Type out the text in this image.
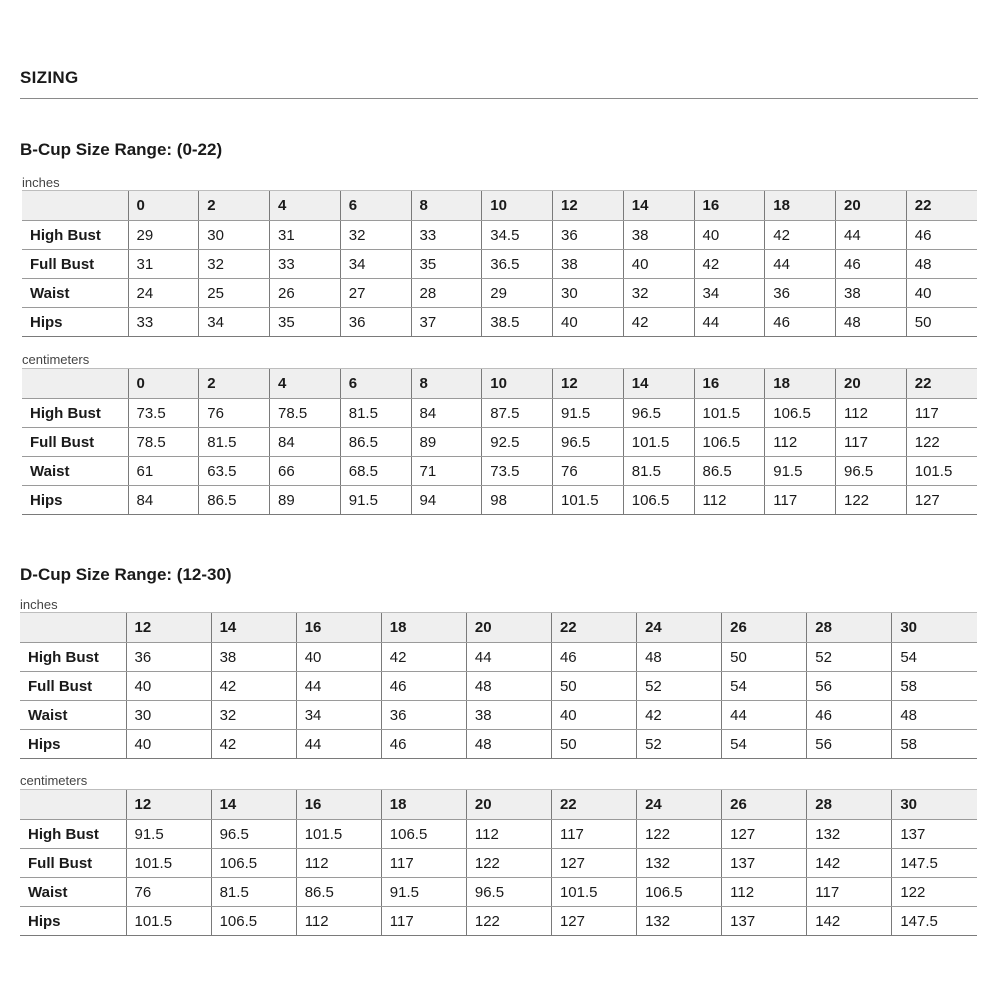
SIZING
B-Cup Size Range: (0-22)
inches
	0	2	4	6	8	10	12	14	16	18	20	22
High Bust	29	30	31	32	33	34.5	36	38	40	42	44	46
Full Bust	31	32	33	34	35	36.5	38	40	42	44	46	48
Waist	24	25	26	27	28	29	30	32	34	36	38	40
Hips	33	34	35	36	37	38.5	40	42	44	46	48	50
centimeters
	0	2	4	6	8	10	12	14	16	18	20	22
High Bust	73.5	76	78.5	81.5	84	87.5	91.5	96.5	101.5	106.5	112	117
Full Bust	78.5	81.5	84	86.5	89	92.5	96.5	101.5	106.5	112	117	122
Waist	61	63.5	66	68.5	71	73.5	76	81.5	86.5	91.5	96.5	101.5
Hips	84	86.5	89	91.5	94	98	101.5	106.5	112	117	122	127
D-Cup Size Range: (12-30)
inches
	12	14	16	18	20	22	24	26	28	30
High Bust	36	38	40	42	44	46	48	50	52	54
Full Bust	40	42	44	46	48	50	52	54	56	58
Waist	30	32	34	36	38	40	42	44	46	48
Hips	40	42	44	46	48	50	52	54	56	58
centimeters
	12	14	16	18	20	22	24	26	28	30
High Bust	91.5	96.5	101.5	106.5	112	117	122	127	132	137
Full Bust	101.5	106.5	112	117	122	127	132	137	142	147.5
Waist	76	81.5	86.5	91.5	96.5	101.5	106.5	112	117	122
Hips	101.5	106.5	112	117	122	127	132	137	142	147.5
